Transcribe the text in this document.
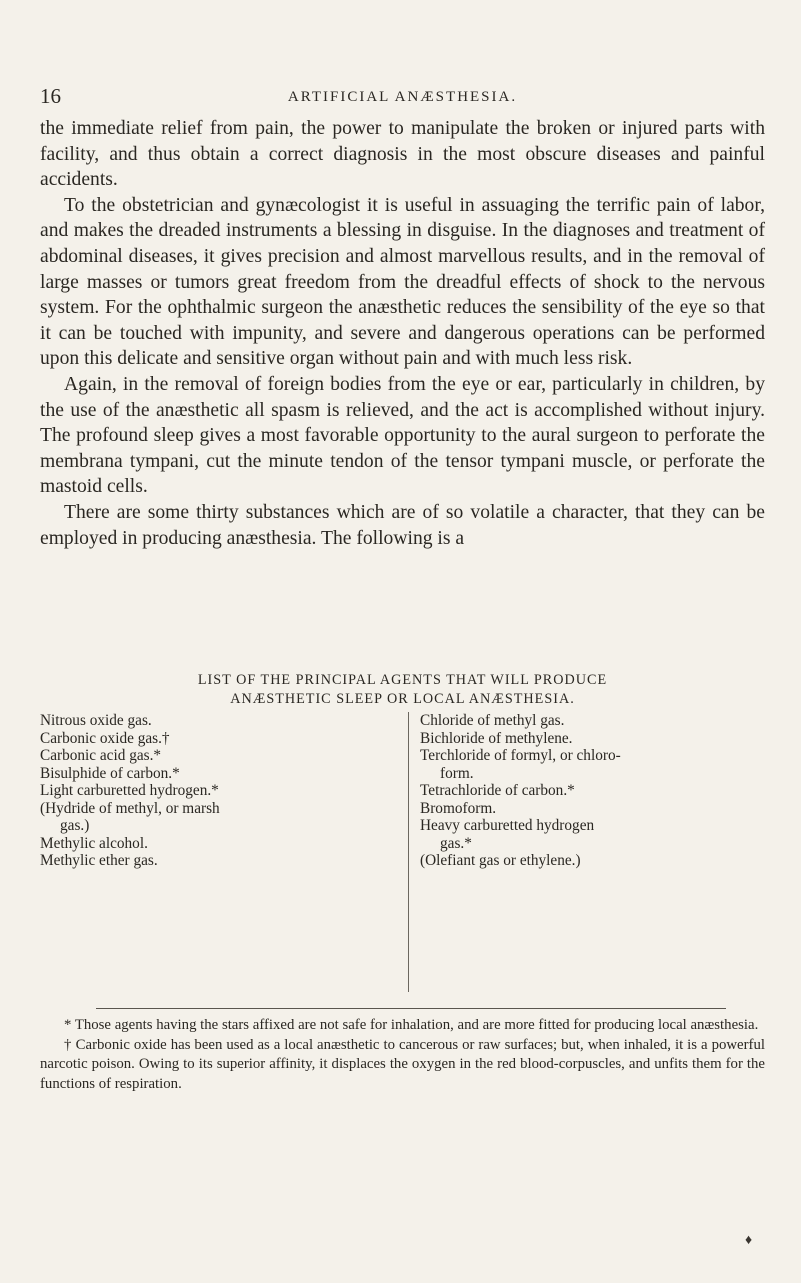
16	ARTIFICIAL ANÆSTHESIA.

the immediate relief from pain, the power to manipulate the broken or injured parts with facility, and thus obtain a correct diagnosis in the most obscure diseases and painful accidents.

To the obstetrician and gynæcologist it is useful in assuaging the terrific pain of labor, and makes the dreaded instruments a blessing in disguise. In the diagnoses and treatment of abdominal diseases, it gives precision and almost marvellous results, and in the removal of large masses or tumors great freedom from the dreadful effects of shock to the nervous system. For the ophthalmic surgeon the anæsthetic reduces the sensibility of the eye so that it can be touched with impunity, and severe and dangerous operations can be performed upon this delicate and sensitive organ without pain and with much less risk.

Again, in the removal of foreign bodies from the eye or ear, particularly in children, by the use of the anæsthetic all spasm is relieved, and the act is accomplished without injury. The profound sleep gives a most favorable opportunity to the aural surgeon to perforate the membrana tympani, cut the minute tendon of the tensor tympani muscle, or perforate the mastoid cells.

There are some thirty substances which are of so volatile a character, that they can be employed in producing anæsthesia. The following is a

LIST OF THE PRINCIPAL AGENTS THAT WILL PRODUCE
ANÆSTHETIC SLEEP OR LOCAL ANÆSTHESIA.
Nitrous oxide gas.
Carbonic oxide gas.†
Carbonic acid gas.*
Bisulphide of carbon.*
Light carburetted hydrogen.*
(Hydride of methyl, or marsh
gas.)
Methylic alcohol.
Methylic ether gas.
Chloride of methyl gas.
Bichloride of methylene.
Terchloride of formyl, or chloro-
form.
Tetrachloride of carbon.*
Bromoform.
Heavy carburetted hydrogen
gas.*
(Olefiant gas or ethylene.)

* Those agents having the stars affixed are not safe for inhalation, and are more fitted for producing local anæsthesia.

† Carbonic oxide has been used as a local anæsthetic to cancerous or raw surfaces; but, when inhaled, it is a powerful narcotic poison. Owing to its superior affinity, it displaces the oxygen in the red blood-corpuscles, and unfits them for the functions of respiration.

♦
